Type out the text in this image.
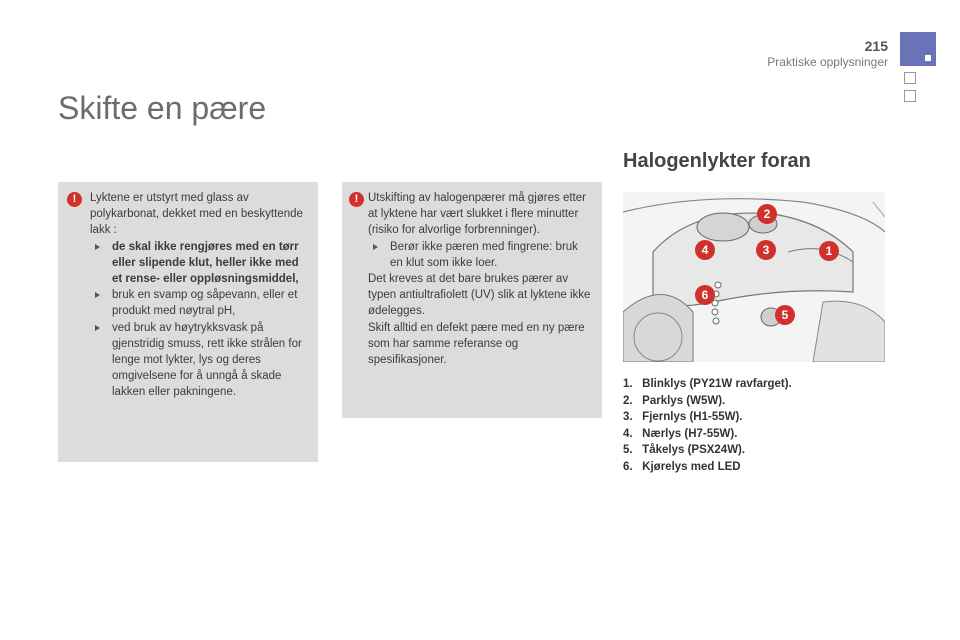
215
Praktiske opplysninger
Skifte en pære
!	Lyktene er utstyrt med glass av polykarbonat, dekket med en beskyttende lakk :
de skal ikke rengjøres med en tørr eller slipende klut, heller ikke med et rense- eller oppløsningsmiddel,
bruk en svamp og såpevann, eller et produkt med nøytral pH,
ved bruk av høytrykksvask på gjenstridig smuss, rett ikke strålen for lenge mot lykter, lys og deres omgivelsene for å unngå å skade lakken eller pakningene.
! Utskifting av halogenpærer må gjøres etter at lyktene har vært slukket i flere minutter (risiko for alvorlige forbrenninger).
Berør ikke pæren med fingrene: bruk en klut som ikke loer.
Det kreves at det bare brukes pærer av typen antiultrafiolett (UV) slik at lyktene ikke ødelegges.
Skift alltid en defekt pære med en ny pære som har samme referanse og spesifikasjoner.
Halogenlykter foran
2
4	3	1
6
5
1.   Blinklys (PY21W ravfarget).
2.   Parklys (W5W).
3.   Fjernlys (H1-55W).
4.   Nærlys (H7-55W).
5.   Tåkelys (PSX24W).
6.   Kjørelys med LED
